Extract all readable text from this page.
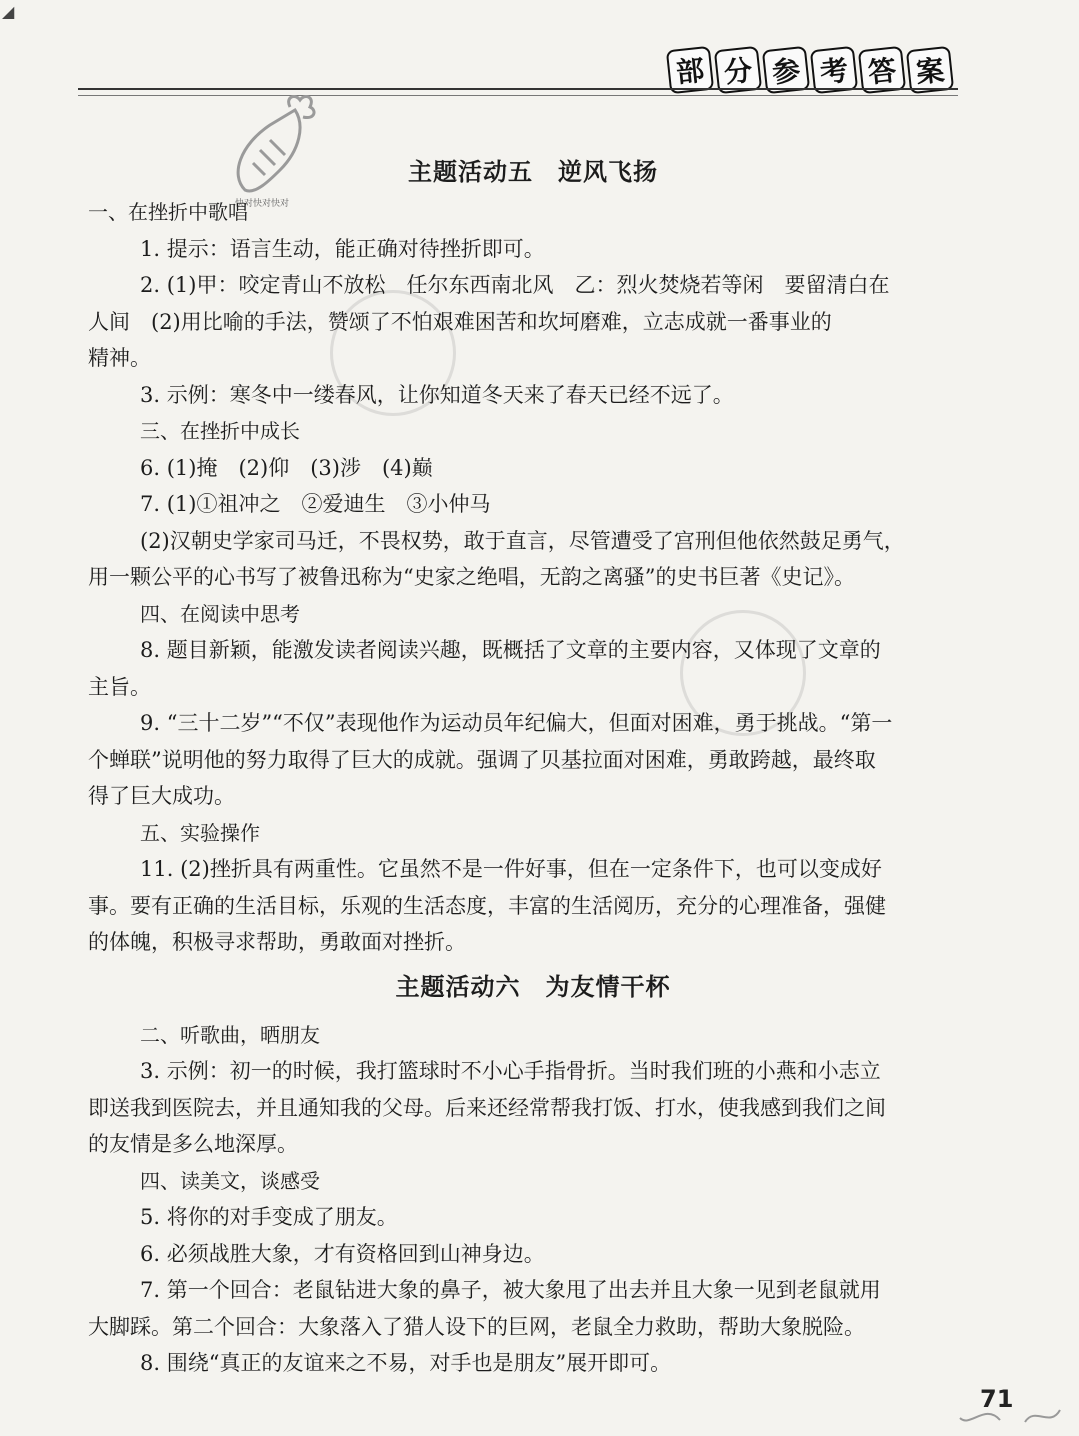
◢
部 分 参 考 答 案
快对快对快对
主题活动五　逆风飞扬

一、在挫折中歌唱

1. 提示：语言生动，能正确对待挫折即可。

2. (1)甲：咬定青山不放松　任尔东西南北风　乙：烈火焚烧若等闲　要留清白在

人间　(2)用比喻的手法，赞颂了不怕艰难困苦和坎坷磨难，立志成就一番事业的

精神。

3. 示例：寒冬中一缕春风，让你知道冬天来了春天已经不远了。

三、在挫折中成长

6. (1)掩　(2)仰　(3)涉　(4)巅

7. (1)①祖冲之　②爱迪生　③小仲马

(2)汉朝史学家司马迁，不畏权势，敢于直言，尽管遭受了宫刑但他依然鼓足勇气，

用一颗公平的心书写了被鲁迅称为“史家之绝唱，无韵之离骚”的史书巨著《史记》。

四、在阅读中思考

8. 题目新颖，能激发读者阅读兴趣，既概括了文章的主要内容，又体现了文章的

主旨。

9. “三十二岁”“不仅”表现他作为运动员年纪偏大，但面对困难，勇于挑战。“第一

个蝉联”说明他的努力取得了巨大的成就。强调了贝基拉面对困难，勇敢跨越，最终取

得了巨大成功。

五、实验操作

11. (2)挫折具有两重性。它虽然不是一件好事，但在一定条件下，也可以变成好

事。要有正确的生活目标，乐观的生活态度，丰富的生活阅历，充分的心理准备，强健

的体魄，积极寻求帮助，勇敢面对挫折。

主题活动六　为友情干杯

二、听歌曲，晒朋友

3. 示例：初一的时候，我打篮球时不小心手指骨折。当时我们班的小燕和小志立

即送我到医院去，并且通知我的父母。后来还经常帮我打饭、打水，使我感到我们之间

的友情是多么地深厚。

四、读美文，谈感受

5. 将你的对手变成了朋友。

6. 必须战胜大象，才有资格回到山神身边。

7. 第一个回合：老鼠钻进大象的鼻子，被大象甩了出去并且大象一见到老鼠就用

大脚踩。第二个回合：大象落入了猎人设下的巨网，老鼠全力救助，帮助大象脱险。

8. 围绕“真正的友谊来之不易，对手也是朋友”展开即可。

71
